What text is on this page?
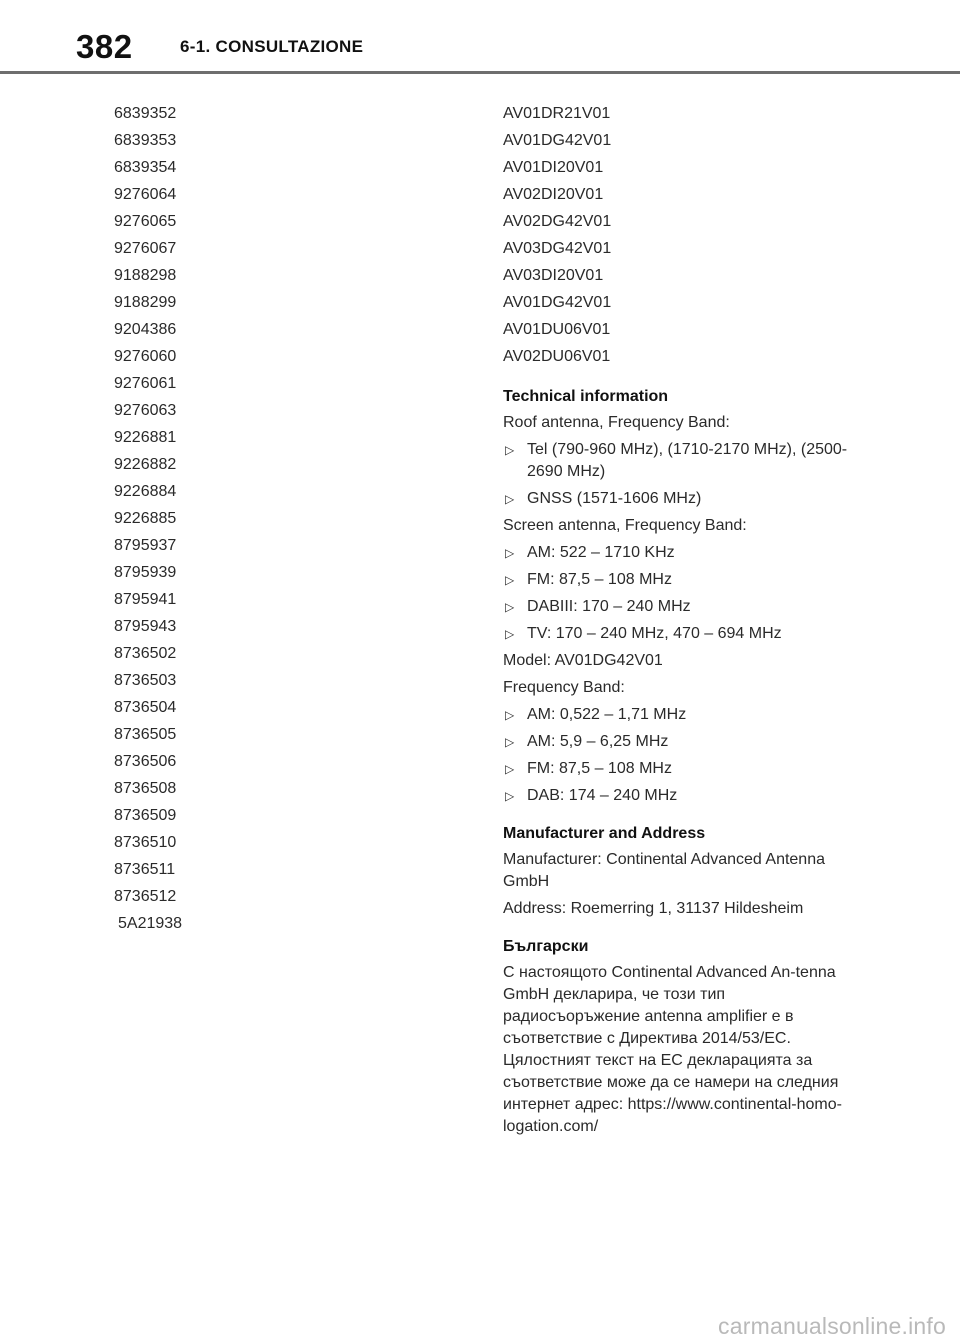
382	6-1. CONSULTAZIONE
6839352
6839353
6839354
9276064
9276065
9276067
9188298
9188299
9204386
9276060
9276061
9276063
9226881
9226882
9226884
9226885
8795937
8795939
8795941
8795943
8736502
8736503
8736504
8736505
8736506
8736508
8736509
8736510
8736511
8736512
5A21938
AV01DR21V01
AV01DG42V01
AV01DI20V01
AV02DI20V01
AV02DG42V01
AV03DG42V01
AV03DI20V01
AV01DG42V01
AV01DU06V01
AV02DU06V01
Technical information
Roof antenna, Frequency Band:
▷ Tel (790-960 MHz), (1710-2170 MHz), (2500-2690 MHz)
▷ GNSS (1571-1606 MHz)
Screen antenna, Frequency Band:
▷ AM: 522 – 1710 KHz
▷ FM: 87,5 – 108 MHz
▷ DABIII: 170 – 240 MHz
▷ TV: 170 – 240 MHz, 470 – 694 MHz
Model: AV01DG42V01
Frequency Band:
▷ AM: 0,522 – 1,71 MHz
▷ AM: 5,9 – 6,25 MHz
▷ FM: 87,5 – 108 MHz
▷ DAB: 174 – 240 MHz
Manufacturer and Address
Manufacturer: Continental Advanced Antenna GmbH
Address: Roemerring 1, 31137 Hildesheim
Български
С настоящото Continental Advanced An-tenna GmbH декларира, че този тип радиосъоръжение antenna amplifier е в съответствие с Директива 2014/53/ЕС. Цялостният текст на ЕС декларацията за съответствие може да се намери на следния интернет адрес: https://www.continental-homo-logation.com/
carmanualsonline.info
